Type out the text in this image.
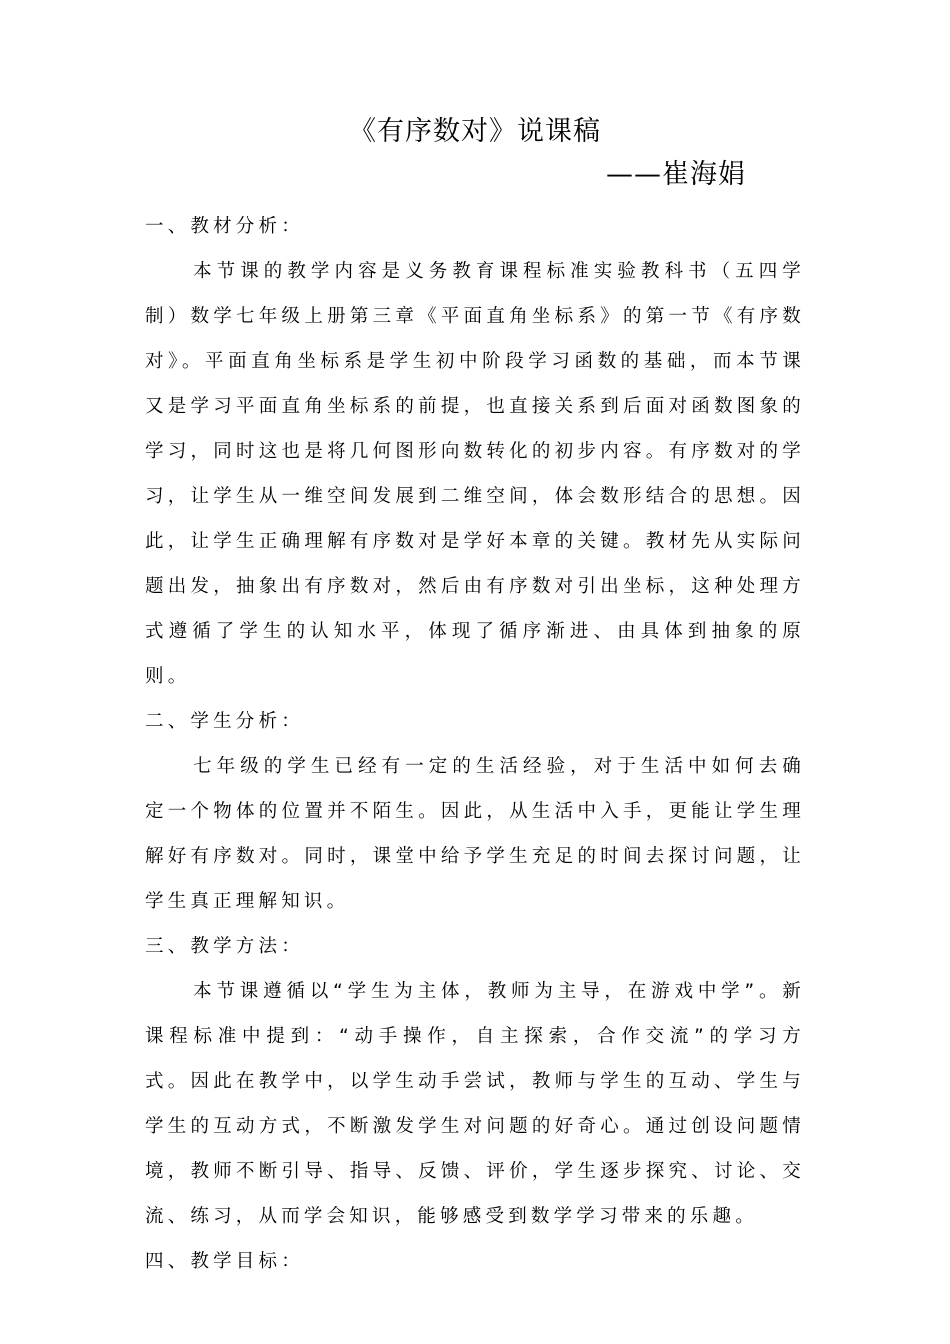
《有序数对》说课稿
——崔海娟

一、教材分析：

本节课的教学内容是义务教育课程标准实验教科书（五四学制）数学七年级上册第三章《平面直角坐标系》的第一节《有序数对》。平面直角坐标系是学生初中阶段学习函数的基础，而本节课又是学习平面直角坐标系的前提，也直接关系到后面对函数图象的学习，同时这也是将几何图形向数转化的初步内容。有序数对的学习，让学生从一维空间发展到二维空间，体会数形结合的思想。因此，让学生正确理解有序数对是学好本章的关键。教材先从实际问题出发，抽象出有序数对，然后由有序数对引出坐标，这种处理方式遵循了学生的认知水平，体现了循序渐进、由具体到抽象的原则。

二、学生分析：

七年级的学生已经有一定的生活经验，对于生活中如何去确定一个物体的位置并不陌生。因此，从生活中入手，更能让学生理解好有序数对。同时，课堂中给予学生充足的时间去探讨问题，让学生真正理解知识。

三、教学方法：

本节课遵循以“学生为主体，教师为主导，在游戏中学”。新课程标准中提到：“动手操作，自主探索，合作交流”的学习方式。因此在教学中，以学生动手尝试，教师与学生的互动、学生与学生的互动方式，不断激发学生对问题的好奇心。通过创设问题情境，教师不断引导、指导、反馈、评价，学生逐步探究、讨论、交流、练习，从而学会知识，能够感受到数学学习带来的乐趣。

四、教学目标：
